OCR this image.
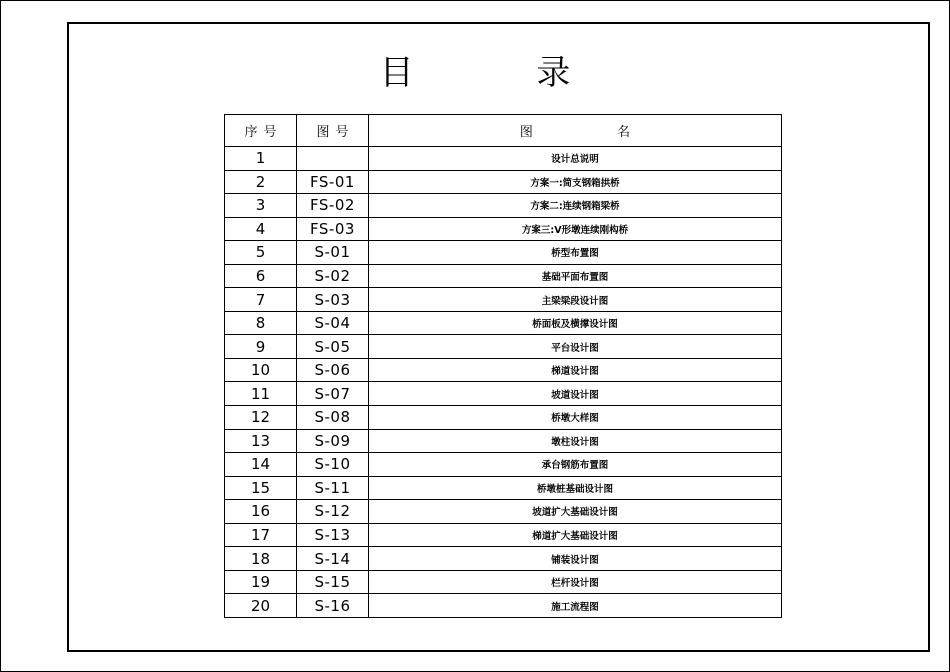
目 录
序号	图号	图 名
1		设计总说明
2	FS-01	方案一:简支钢箱拱桥
3	FS-02	方案二:连续钢箱梁桥
4	FS-03	方案三:V形墩连续刚构桥
5	S-01	桥型布置图
6	S-02	基础平面布置图
7	S-03	主梁梁段设计图
8	S-04	桥面板及横撑设计图
9	S-05	平台设计图
10	S-06	梯道设计图
11	S-07	坡道设计图
12	S-08	桥墩大样图
13	S-09	墩柱设计图
14	S-10	承台钢筋布置图
15	S-11	桥墩桩基础设计图
16	S-12	坡道扩大基础设计图
17	S-13	梯道扩大基础设计图
18	S-14	铺装设计图
19	S-15	栏杆设计图
20	S-16	施工流程图
